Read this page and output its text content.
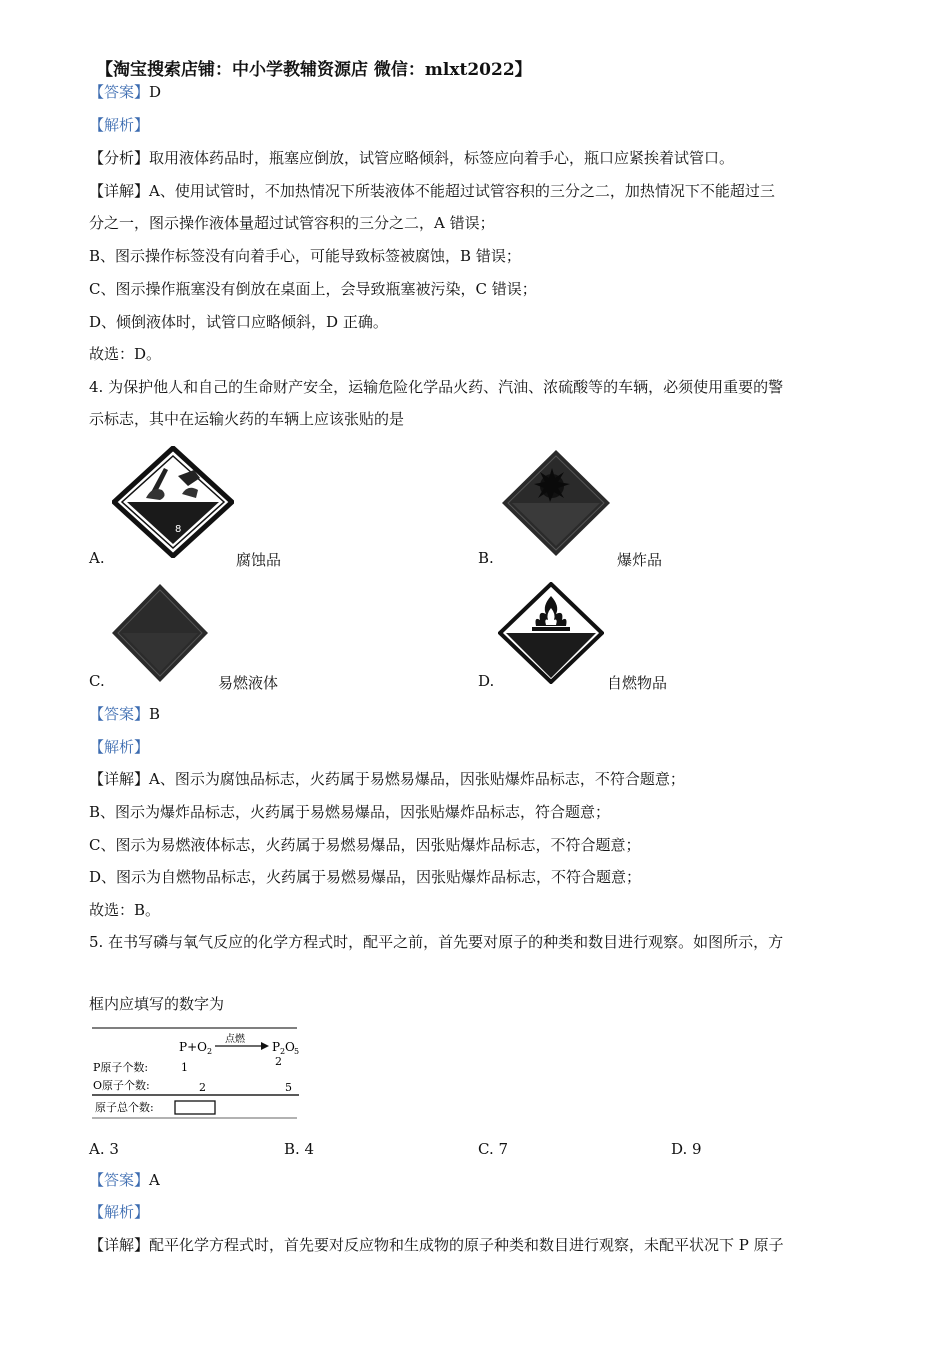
【淘宝搜索店铺：中小学教辅资源店 微信：mlxt2022】
【答案】D
【解析】
【分析】取用液体药品时，瓶塞应倒放，试管应略倾斜，标签应向着手心，瓶口应紧挨着试管口。
【详解】A、使用试管时，不加热情况下所装液体不能超过试管容积的三分之二，加热情况下不能超过三
分之一，图示操作液体量超过试管容积的三分之二，A 错误；
B、图示操作标签没有向着手心，可能导致标签被腐蚀，B 错误；
C、图示操作瓶塞没有倒放在桌面上，会导致瓶塞被污染，C 错误；
D、倾倒液体时，试管口应略倾斜，D 正确。
故选：D。
4. 为保护他人和自己的生命财产安全，运输危险化学品火药、汽油、浓硫酸等的车辆，必须使用重要的警
示标志，其中在运输火药的车辆上应该张贴的是
8
A.	腐蚀品	B.	爆炸品
C.	易燃液体	D.	自燃物品
【答案】B
【解析】
【详解】A、图示为腐蚀品标志，火药属于易燃易爆品，因张贴爆炸品标志，不符合题意；
B、图示为爆炸品标志，火药属于易燃易爆品，因张贴爆炸品标志，符合题意；
C、图示为易燃液体标志，火药属于易燃易爆品，因张贴爆炸品标志，不符合题意；
D、图示为自燃物品标志，火药属于易燃易爆品，因张贴爆炸品标志，不符合题意；
故选：B。
5. 在书写磷与氧气反应的化学方程式时，配平之前，首先要对原子的种类和数目进行观察。如图所示，方
框内应填写的数字为
P+O 2
点燃
P 2 O 5
P原子个数:	1	2
O原子个数:	2	5
原子总个数:
A. 3	B. 4	C. 7	D. 9
【答案】A
【解析】
【详解】配平化学方程式时，首先要对反应物和生成物的原子种类和数目进行观察，未配平状况下 P 原子
